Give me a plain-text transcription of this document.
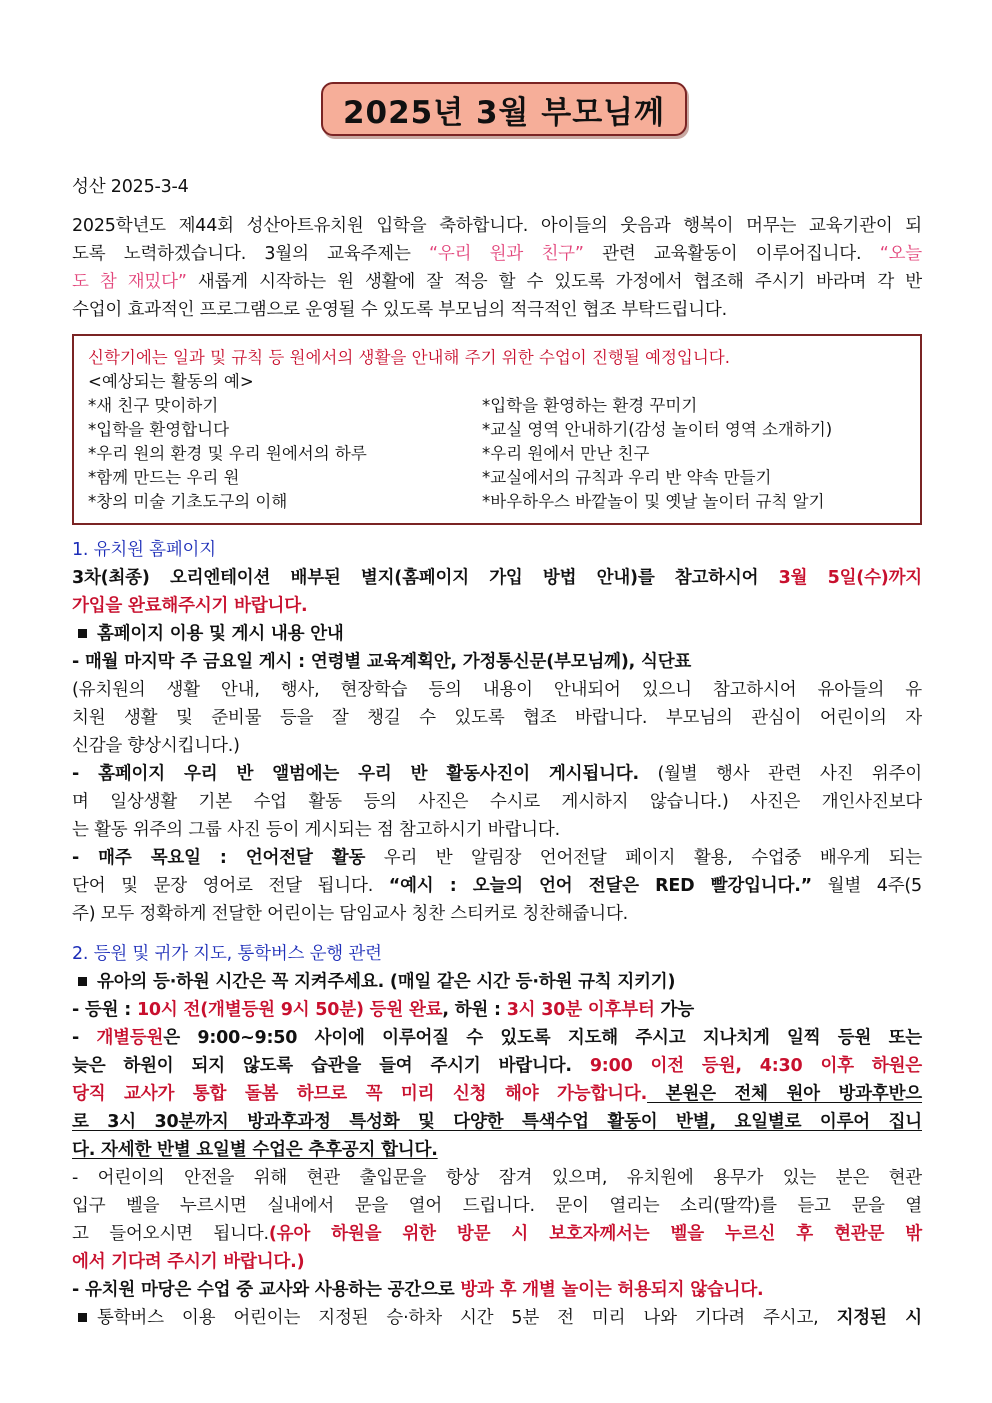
2025년 3월 부모님께
성산 2025-3-4
2025학년도 제44회 성산아트유치원 입학을 축하합니다. 아이들의 웃음과 행복이 머무는 교육기관이 되
도록 노력하겠습니다. 3월의 교육주제는 “우리 원과 친구” 관련 교육활동이 이루어집니다. “오늘
도 참 재밌다” 새롭게 시작하는 원 생활에 잘 적응 할 수 있도록 가정에서 협조해 주시기 바라며 각 반
수업이 효과적인 프로그램으로 운영될 수 있도록 부모님의 적극적인 협조 부탁드립니다.
신학기에는 일과 및 규칙 등 원에서의 생활을 안내해 주기 위한 수업이 진행될 예정입니다.
<예상되는 활동의 예>
*새 친구 맞이하기
*입학을 환영합니다
*우리 원의 환경 및 우리 원에서의 하루
*함께 만드는 우리 원
*창의 미술 기초도구의 이해
*입학을 환영하는 환경 꾸미기
*교실 영역 안내하기(감성 놀이터 영역 소개하기)
*우리 원에서 만난 친구
*교실에서의 규칙과 우리 반 약속 만들기
*바우하우스 바깥놀이 및 옛날 놀이터 규칙 알기
1. 유치원 홈페이지
3차(최종) 오리엔테이션 배부된 별지(홈페이지 가입 방법 안내)를 참고하시어 3월 5일(수)까지
가입을 완료해주시기 바랍니다.
홈페이지 이용 및 게시 내용 안내
- 매월 마지막 주 금요일 게시 : 연령별 교육계획안, 가정통신문(부모님께), 식단표
(유치원의 생활 안내, 행사, 현장학습 등의 내용이 안내되어 있으니 참고하시어 유아들의 유
치원 생활 및 준비물 등을 잘 챙길 수 있도록 협조 바랍니다. 부모님의 관심이 어린이의 자
신감을 향상시킵니다.)
- 홈페이지 우리 반 앨범에는 우리 반 활동사진이 게시됩니다. (월별 행사 관련 사진 위주이
며 일상생활 기본 수업 활동 등의 사진은 수시로 게시하지 않습니다.) 사진은 개인사진보다
는 활동 위주의 그룹 사진 등이 게시되는 점 참고하시기 바랍니다.
- 매주 목요일 : 언어전달 활동 우리 반 알림장 언어전달 페이지 활용, 수업중 배우게 되는
단어 및 문장 영어로 전달 됩니다. “예시 : 오늘의 언어 전달은 RED 빨강입니다.” 월별 4주(5
주) 모두 정확하게 전달한 어린이는 담임교사 칭찬 스티커로 칭찬해줍니다.
2. 등원 및 귀가 지도, 통학버스 운행 관련
유아의 등·하원 시간은 꼭 지켜주세요. (매일 같은 시간 등·하원 규칙 지키기)
- 등원 : 10시 전(개별등원 9시 50분) 등원 완료, 하원 : 3시 30분 이후부터 가능
- 개별등원은 9:00~9:50 사이에 이루어질 수 있도록 지도해 주시고 지나치게 일찍 등원 또는
늦은 하원이 되지 않도록 습관을 들여 주시기 바랍니다. 9:00 이전 등원, 4:30 이후 하원은
당직 교사가 통합 돌봄 하므로 꼭 미리 신청 해야 가능합니다. 본원은 전체 원아 방과후반으
로 3시 30분까지 방과후과정 특성화 및 다양한 특색수업 활동이 반별, 요일별로 이루어 집니
다. 자세한 반별 요일별 수업은 추후공지 합니다.
- 어린이의 안전을 위해 현관 출입문을 항상 잠겨 있으며, 유치원에 용무가 있는 분은 현관
입구 벨을 누르시면 실내에서 문을 열어 드립니다. 문이 열리는 소리(딸깍)를 듣고 문을 열
고 들어오시면 됩니다.(유아 하원을 위한 방문 시 보호자께서는 벨을 누르신 후 현관문 밖
에서 기다려 주시기 바랍니다.)
- 유치원 마당은 수업 중 교사와 사용하는 공간으로 방과 후 개별 놀이는 허용되지 않습니다.
통학버스 이용 어린이는 지정된 승·하차 시간 5분 전 미리 나와 기다려 주시고, 지정된 시
